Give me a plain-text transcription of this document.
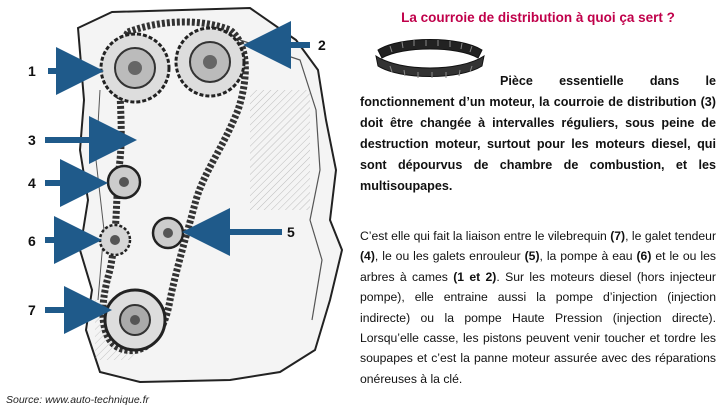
1
2
3
4
5
6
7
Source: www.auto-technique.fr
La courroie de distribution à quoi ça sert ?

Pièce essentielle dans le fonctionnement d’un moteur, la courroie de distribution (3) doit être changée à intervalles réguliers, sous peine de destruction moteur, surtout pour les moteurs diesel, qui sont dépourvus de chambre de combustion, et les multisoupapes.

C’est elle qui fait la liaison entre le vilebrequin (7), le galet tendeur (4), le ou les galets enrouleur (5), la pompe à eau (6) et le ou les arbres à cames (1 et 2). Sur les moteurs diesel (hors injecteur pompe), elle entraine aussi la pompe d’injection (injection indirecte) ou la pompe Haute Pression (injection directe). Lorsqu’elle casse, les pistons peuvent venir toucher et tordre les soupapes et c’est la panne moteur assurée avec des réparations onéreuses à la clé.
